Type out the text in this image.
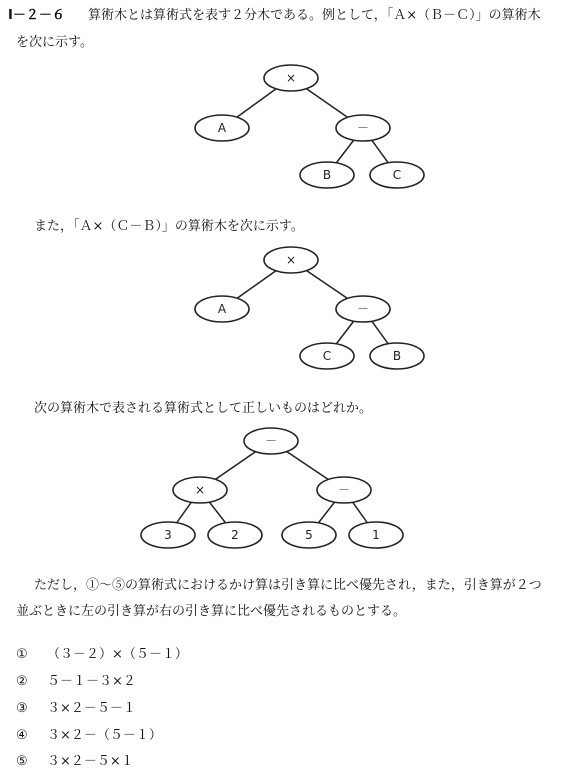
Ⅰ－２－６ 算術木とは算術式を表す２分木である。例として，「Ａ×（Ｂ－Ｃ）」の算術木
を次に示す。
×
A	－
B	C
また，「Ａ×（Ｃ－Ｂ）」の算術木を次に示す。
×
A	－
C	B
次の算術木で表される算術式として正しいものはどれか。
－
×	－
3	2	5	1
ただし，①～⑤の算術式におけるかけ算は引き算に比べ優先され，また，引き算が２つ
並ぶときに左の引き算が右の引き算に比べ優先されるものとする。
① （３－２）×（５－１）
② ５－１－３×２
③ ３×２－５－１
④ ３×２－（５－１）
⑤ ３×２－５×１
